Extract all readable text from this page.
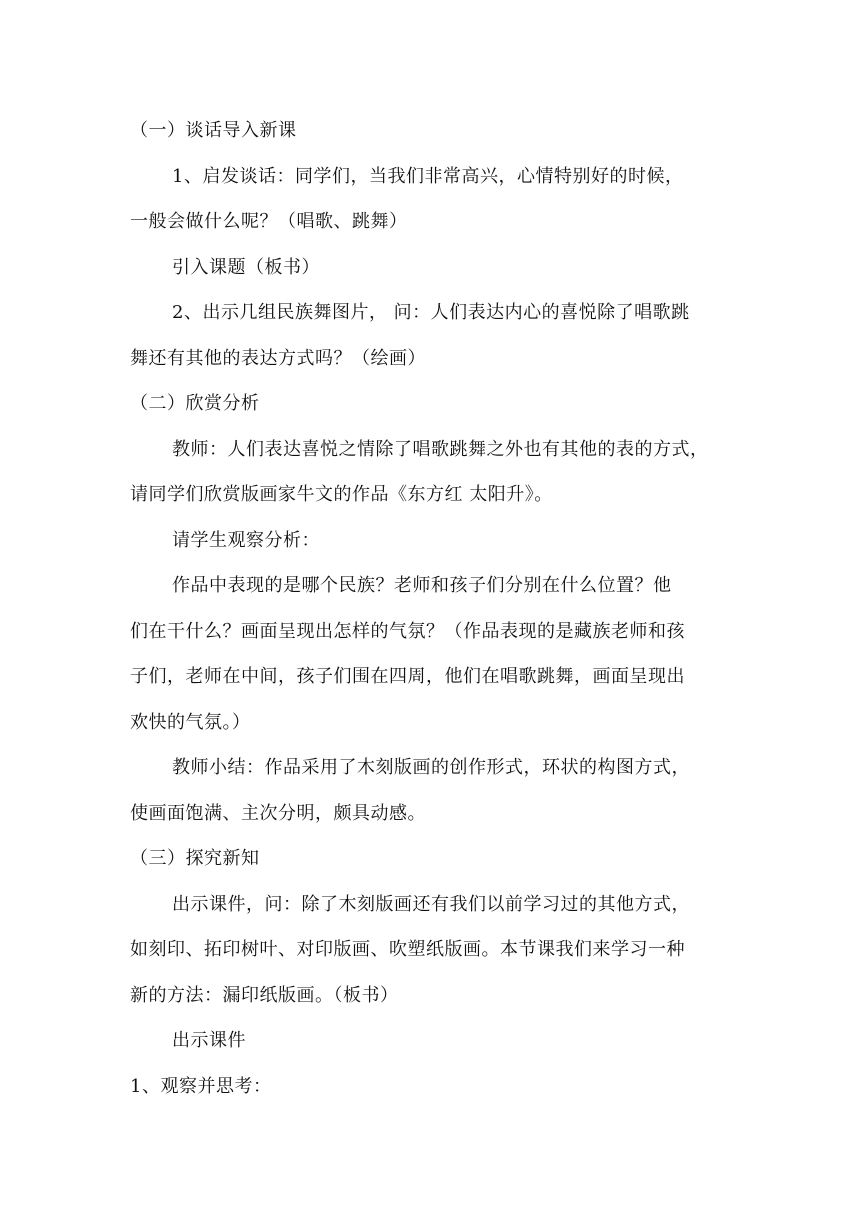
（一）谈话导入新课
1、启发谈话：同学们，当我们非常高兴，心情特别好的时候，
一般会做什么呢？（唱歌、跳舞）
引入课题（板书）
2、出示几组民族舞图片， 问：人们表达内心的喜悦除了唱歌跳
舞还有其他的表达方式吗？（绘画）
（二）欣赏分析
教师：人们表达喜悦之情除了唱歌跳舞之外也有其他的表的方式，
请同学们欣赏版画家牛文的作品《东方红 太阳升》。
请学生观察分析：
作品中表现的是哪个民族？老师和孩子们分别在什么位置？他
们在干什么？画面呈现出怎样的气氛？（作品表现的是藏族老师和孩
子们，老师在中间，孩子们围在四周，他们在唱歌跳舞，画面呈现出
欢快的气氛。）
教师小结：作品采用了木刻版画的创作形式，环状的构图方式，
使画面饱满、主次分明，颇具动感。
（三）探究新知
出示课件，问：除了木刻版画还有我们以前学习过的其他方式，
如刻印、拓印树叶、对印版画、吹塑纸版画。本节课我们来学习一种
新的方法：漏印纸版画。（板书）
出示课件
1、观察并思考：
